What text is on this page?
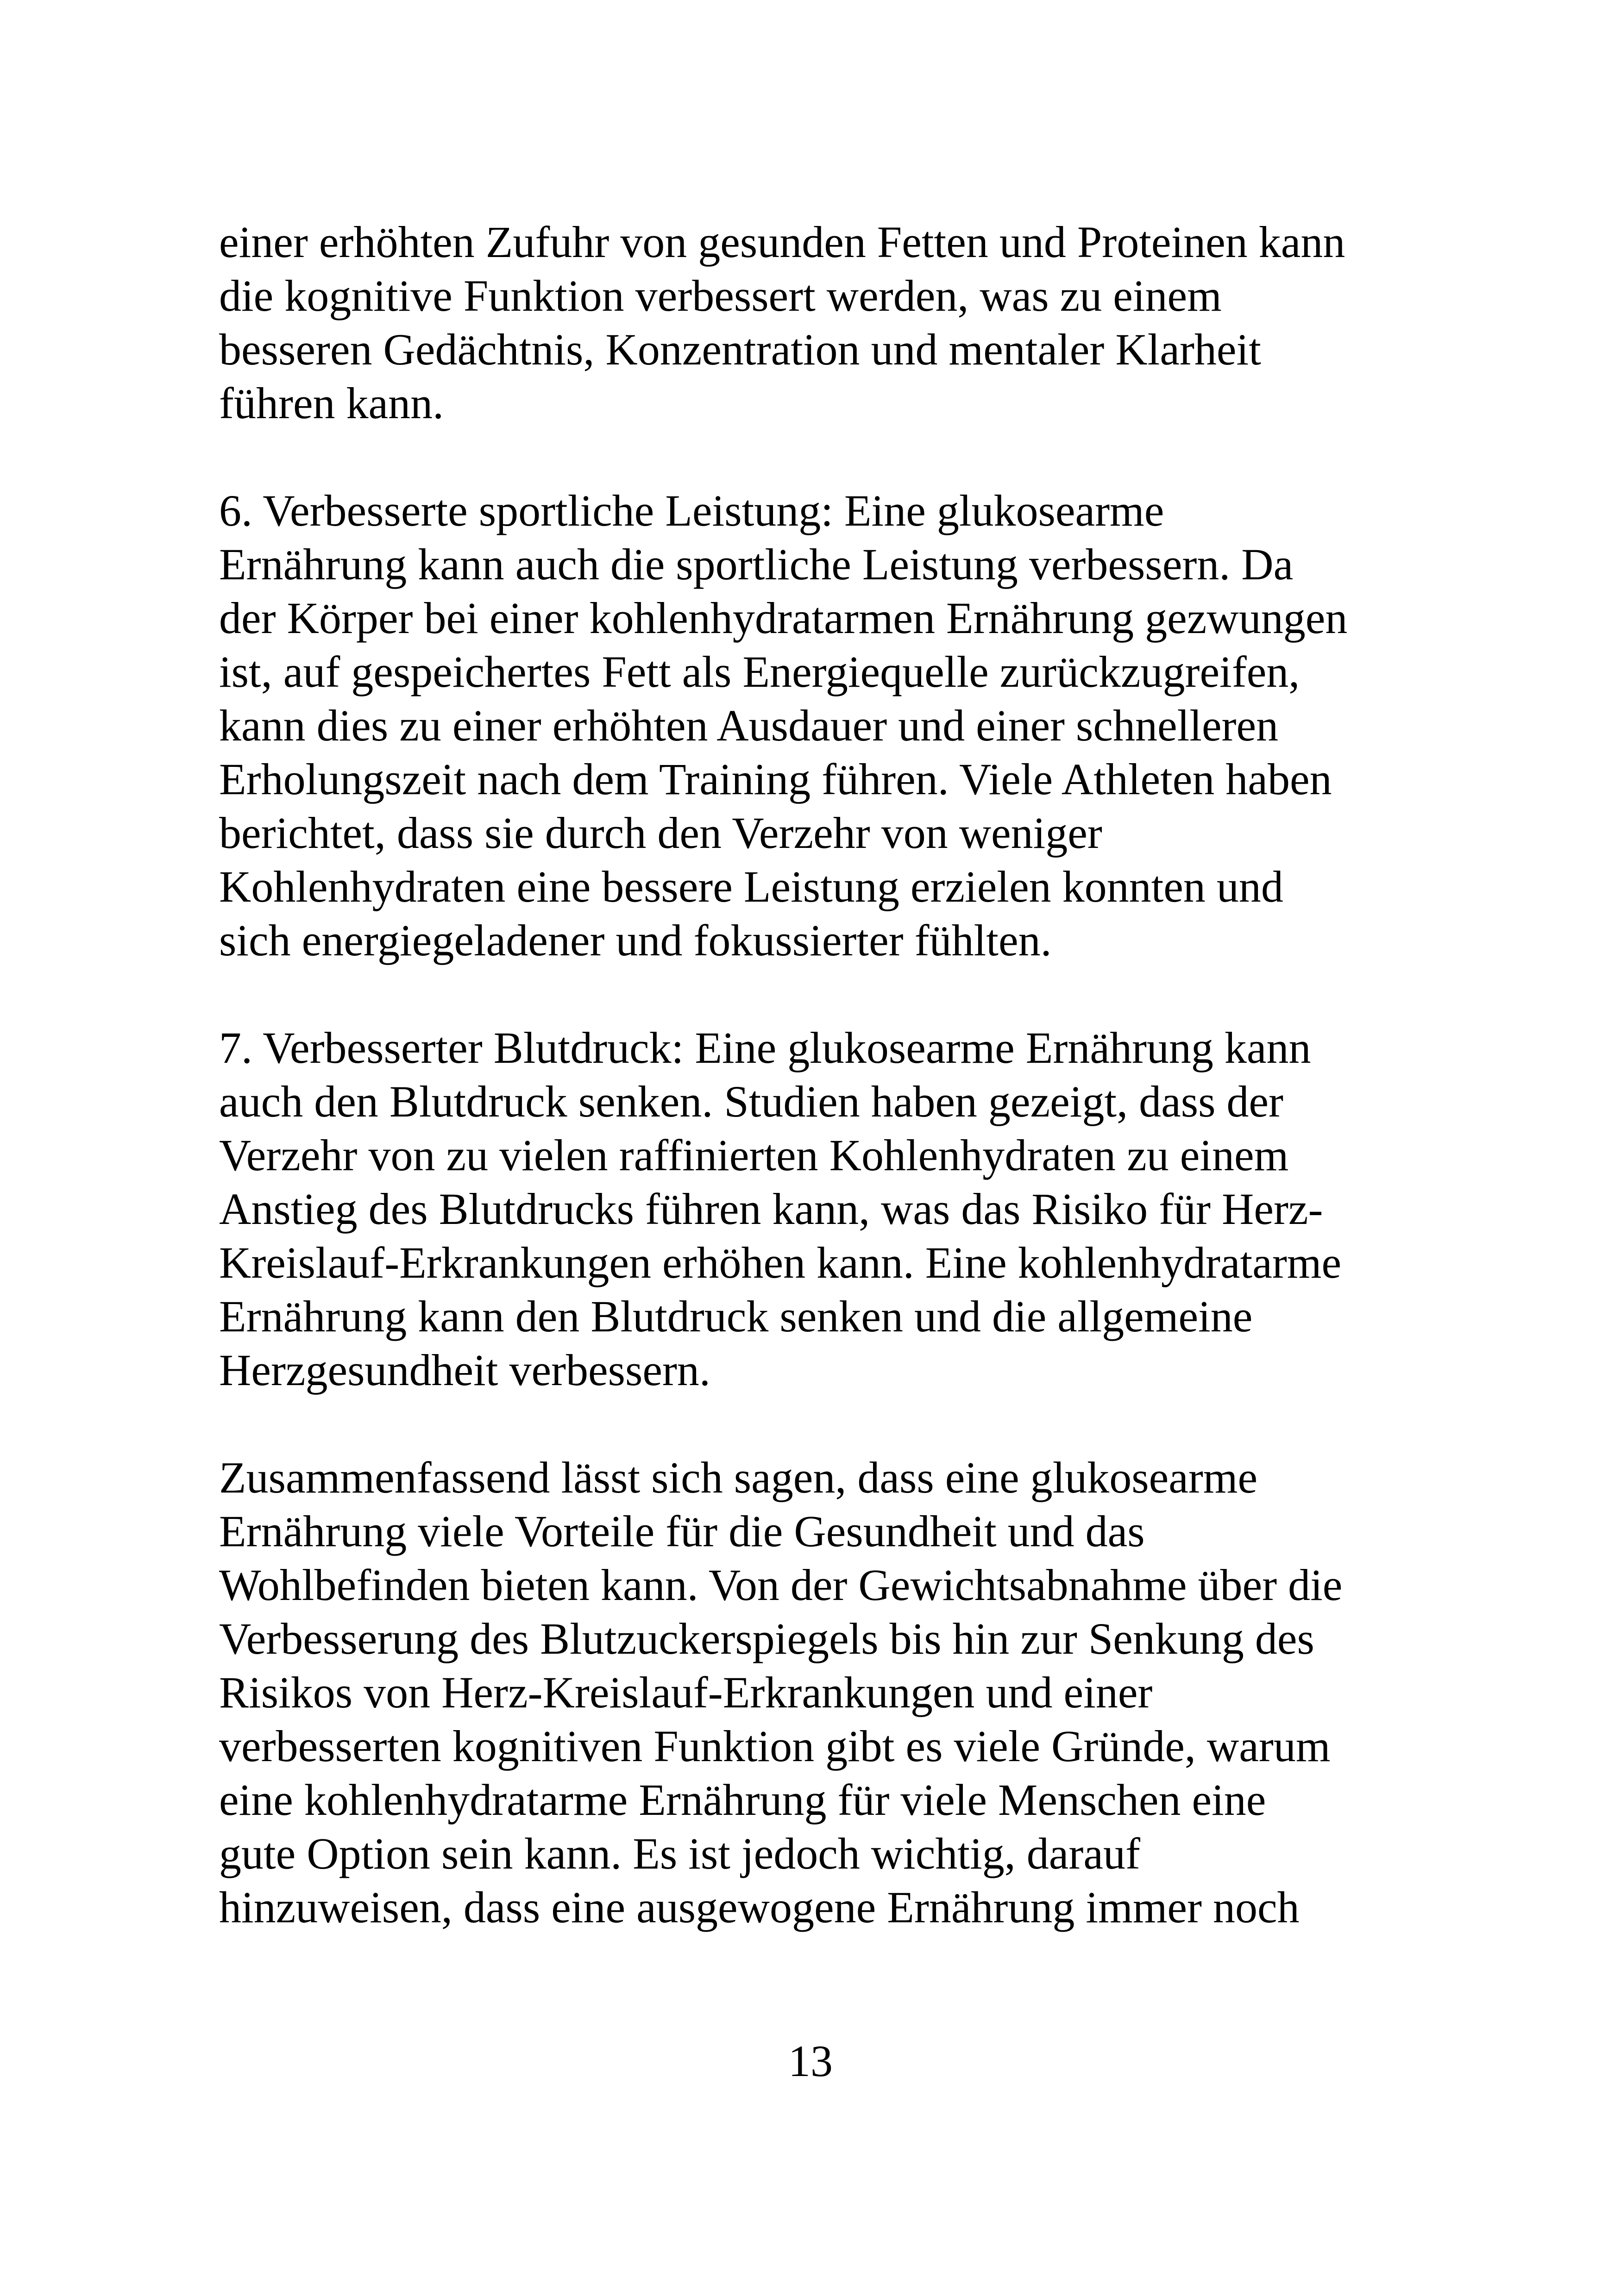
einer erhöhten Zufuhr von gesunden Fetten und Proteinen kann
die kognitive Funktion verbessert werden, was zu einem
besseren Gedächtnis, Konzentration und mentaler Klarheit
führen kann.

6. Verbesserte sportliche Leistung: Eine glukosearme
Ernährung kann auch die sportliche Leistung verbessern. Da
der Körper bei einer kohlenhydratarmen Ernährung gezwungen
ist, auf gespeichertes Fett als Energiequelle zurückzugreifen,
kann dies zu einer erhöhten Ausdauer und einer schnelleren
Erholungszeit nach dem Training führen. Viele Athleten haben
berichtet, dass sie durch den Verzehr von weniger
Kohlenhydraten eine bessere Leistung erzielen konnten und
sich energiegeladener und fokussierter fühlten.

7. Verbesserter Blutdruck: Eine glukosearme Ernährung kann
auch den Blutdruck senken. Studien haben gezeigt, dass der
Verzehr von zu vielen raffinierten Kohlenhydraten zu einem
Anstieg des Blutdrucks führen kann, was das Risiko für Herz-
Kreislauf-Erkrankungen erhöhen kann. Eine kohlenhydratarme
Ernährung kann den Blutdruck senken und die allgemeine
Herzgesundheit verbessern.

Zusammenfassend lässt sich sagen, dass eine glukosearme
Ernährung viele Vorteile für die Gesundheit und das
Wohlbefinden bieten kann. Von der Gewichtsabnahme über die
Verbesserung des Blutzuckerspiegels bis hin zur Senkung des
Risikos von Herz-Kreislauf-Erkrankungen und einer
verbesserten kognitiven Funktion gibt es viele Gründe, warum
eine kohlenhydratarme Ernährung für viele Menschen eine
gute Option sein kann. Es ist jedoch wichtig, darauf
hinzuweisen, dass eine ausgewogene Ernährung immer noch

13
